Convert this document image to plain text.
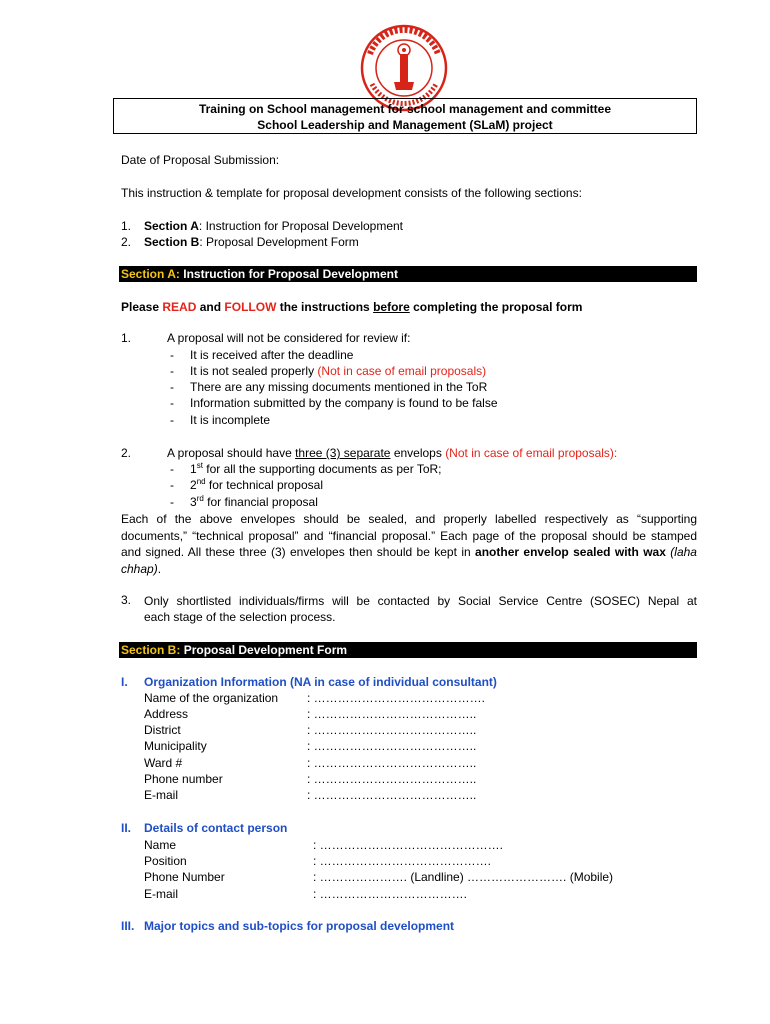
Training on School management for school management and committee
School Leadership and Management (SLaM) project
Date of Proposal Submission:
This instruction & template for proposal development consists of the following sections:
1. Section A: Instruction for Proposal Development
2. Section B: Proposal Development Form
Section A: Instruction for Proposal Development
Please READ and FOLLOW the instructions before completing the proposal form
1.	A proposal will not be considered for review if:
- It is received after the deadline
- It is not sealed properly (Not in case of email proposals)
- There are any missing documents mentioned in the ToR
- Information submitted by the company is found to be false
- It is incomplete
2.	A proposal should have three (3) separate envelops (Not in case of email proposals):
- 1st for all the supporting documents as per ToR;
- 2nd for technical proposal
- 3rd for financial proposal
Each of the above envelopes should be sealed, and properly labelled respectively as “supporting documents,” “technical proposal” and “financial proposal.” Each page of the proposal should be stamped and signed. All these three (3) envelopes then should be kept in another envelop sealed with wax (laha chhap).
3. Only shortlisted individuals/firms will be contacted by Social Service Centre (SOSEC) Nepal at
each stage of the selection process.
Section B: Proposal Development Form
I. Organization Information (NA in case of individual consultant)
Name of the organization : …………………………………….
Address	: …………………………………..
District	: …………………………………..
Municipality	: …………………………………..
Ward #	: …………………………………..
Phone number	: …………………………………..
E-mail	: …………………………………..
II. Details of contact person
Name	: ……………………………………….
Position	: …………………………………….
Phone Number	: …………………. (Landline) ……………………. (Mobile)
E-mail	: ……………………………….
III. Major topics and sub-topics for proposal development
